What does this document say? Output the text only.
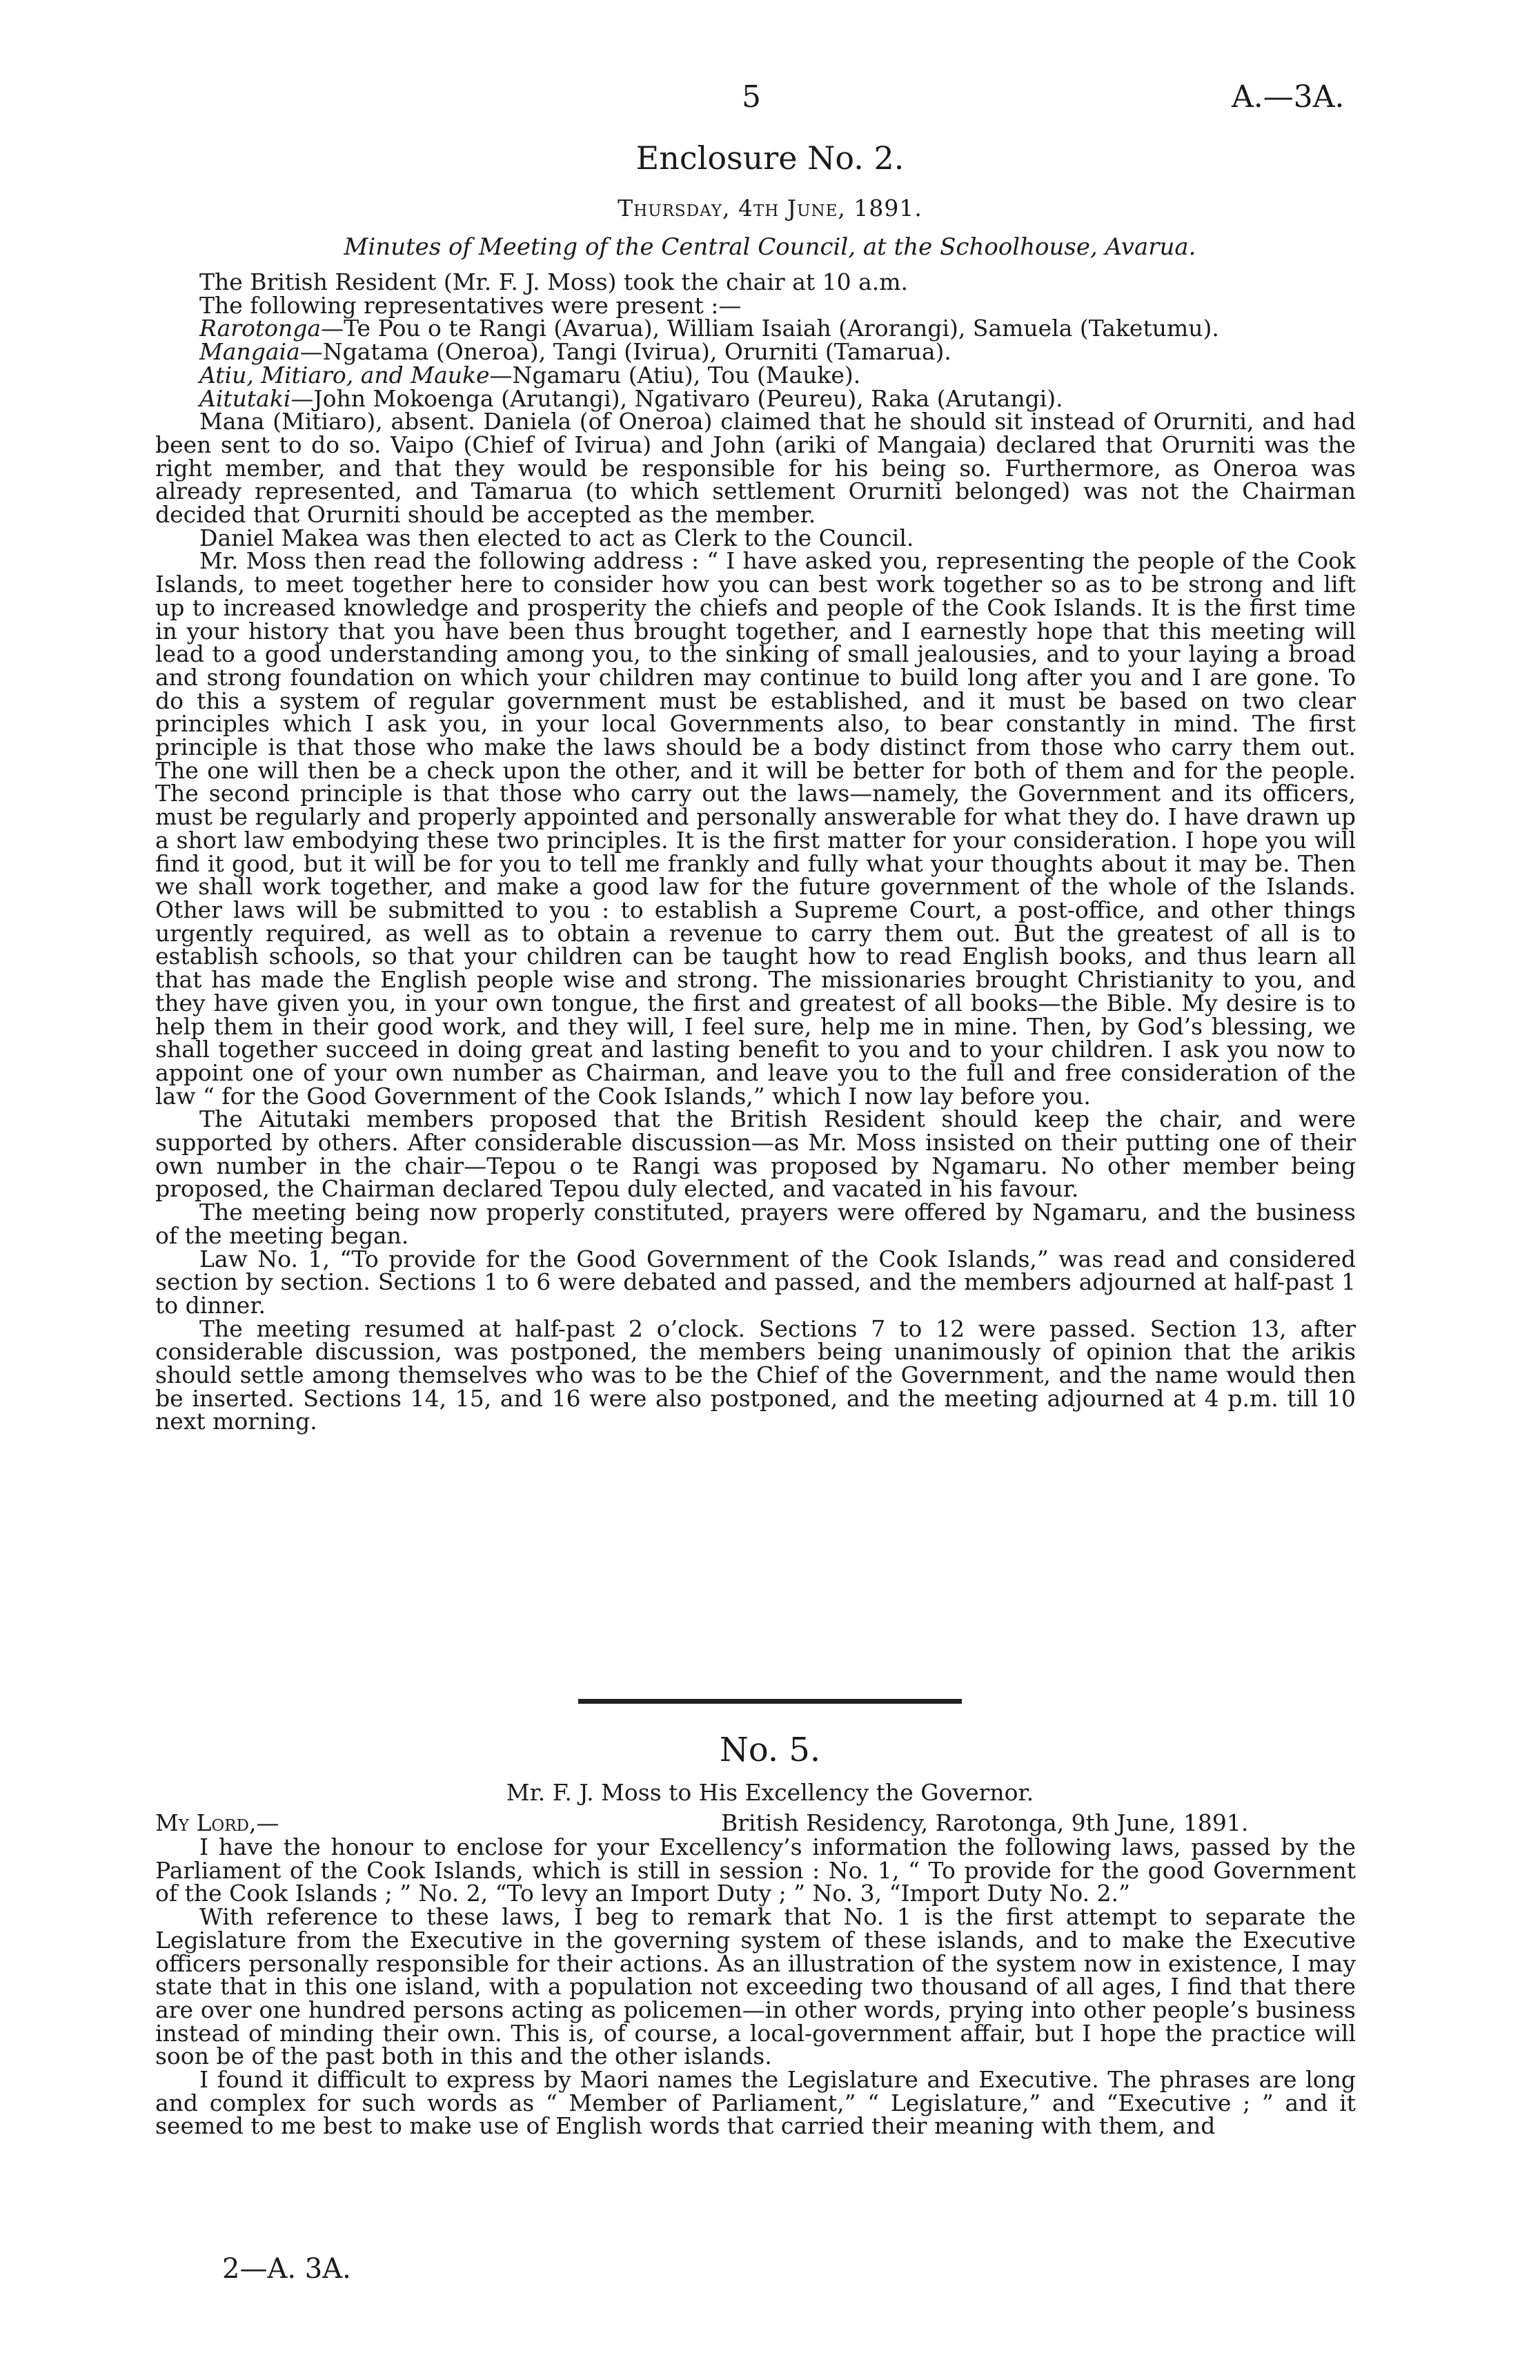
5	A.—3A.
Enclosure No. 2.
Thursday, 4th June, 1891.
Minutes of Meeting of the Central Council, at the Schoolhouse, Avarua.

The British Resident (Mr. F. J. Moss) took the chair at 10 a.m.

The following representatives were present :—

Rarotonga—Te Pou o te Rangi (Avarua), William Isaiah (Arorangi), Samuela (Taketumu).

Mangaia—Ngatama (Oneroa), Tangi (Ivirua), Orurniti (Tamarua).

Atiu, Mitiaro, and Mauke—Ngamaru (Atiu), Tou (Mauke).

Aitutaki—John Mokoenga (Arutangi), Ngativaro (Peureu), Raka (Arutangi).

Mana (Mitiaro), absent. Daniela (of Oneroa) claimed that he should sit instead of Orurniti, and had been sent to do so. Vaipo (Chief of Ivirua) and John (ariki of Mangaia) declared that Orurniti was the right member, and that they would be responsible for his being so. Furthermore, as Oneroa was already represented, and Tamarua (to which settlement Orurniti belonged) was not the Chairman decided that Orurniti should be accepted as the member.

Daniel Makea was then elected to act as Clerk to the Council.

Mr. Moss then read the following address : “ I have asked you, representing the people of the Cook Islands, to meet together here to consider how you can best work together so as to be strong and lift up to increased knowledge and prosperity the chiefs and people of the Cook Islands. It is the first time in your history that you have been thus brought together, and I earnestly hope that this meeting will lead to a good understanding among you, to the sinking of small jealousies, and to your laying a broad and strong foundation on which your children may continue to build long after you and I are gone. To do this a system of regular government must be established, and it must be based on two clear principles which I ask you, in your local Governments also, to bear constantly in mind. The first principle is that those who make the laws should be a body distinct from those who carry them out. The one will then be a check upon the other, and it will be better for both of them and for the people. The second principle is that those who carry out the laws—namely, the Government and its officers, must be regularly and properly appointed and personally answerable for what they do. I have drawn up a short law embodying these two principles. It is the first matter for your consideration. I hope you will find it good, but it will be for you to tell me frankly and fully what your thoughts about it may be. Then we shall work together, and make a good law for the future government of the whole of the Islands. Other laws will be submitted to you : to establish a Supreme Court, a post-office, and other things urgently required, as well as to obtain a revenue to carry them out. But the greatest of all is to establish schools, so that your children can be taught how to read English books, and thus learn all that has made the English people wise and strong. The missionaries brought Christianity to you, and they have given you, in your own tongue, the first and greatest of all books—the Bible. My desire is to help them in their good work, and they will, I feel sure, help me in mine. Then, by God’s blessing, we shall together succeed in doing great and lasting benefit to you and to your children. I ask you now to appoint one of your own number as Chairman, and leave you to the full and free consideration of the law “ for the Good Government of the Cook Islands,” which I now lay before you.

The Aitutaki members proposed that the British Resident should keep the chair, and were supported by others. After considerable discussion—as Mr. Moss insisted on their putting one of their own number in the chair—Tepou o te Rangi was proposed by Ngamaru. No other member being proposed, the Chairman declared Tepou duly elected, and vacated in his favour.

The meeting being now properly constituted, prayers were offered by Ngamaru, and the business of the meeting began.

Law No. 1, “To provide for the Good Government of the Cook Islands,” was read and considered section by section. Sections 1 to 6 were debated and passed, and the members adjourned at half-past 1 to dinner.

The meeting resumed at half-past 2 o’clock. Sections 7 to 12 were passed. Section 13, after considerable discussion, was postponed, the members being unanimously of opinion that the arikis should settle among themselves who was to be the Chief of the Government, and the name would then be inserted. Sections 14, 15, and 16 were also postponed, and the meeting adjourned at 4 p.m. till 10 next morning.

No. 5.
Mr. F. J. Moss to His Excellency the Governor.
My Lord,—	British Residency, Rarotonga, 9th June, 1891.

I have the honour to enclose for your Excellency’s information the following laws, passed by the Parliament of the Cook Islands, which is still in session : No. 1, “ To provide for the good Government of the Cook Islands ; ” No. 2, “To levy an Import Duty ; ” No. 3, “Import Duty No. 2.”

With reference to these laws, I beg to remark that No. 1 is the first attempt to separate the Legislature from the Executive in the governing system of these islands, and to make the Executive officers personally responsible for their actions. As an illustration of the system now in existence, I may state that in this one island, with a population not exceeding two thousand of all ages, I find that there are over one hundred persons acting as policemen—in other words, prying into other people’s business instead of minding their own. This is, of course, a local-government affair, but I hope the practice will soon be of the past both in this and the other islands.

I found it difficult to express by Maori names the Legislature and Executive. The phrases are long and complex for such words as “ Member of Parliament,” “ Legislature,” and “Executive ; ” and it seemed to me best to make use of English words that carried their meaning with them, and

2—A. 3A.
